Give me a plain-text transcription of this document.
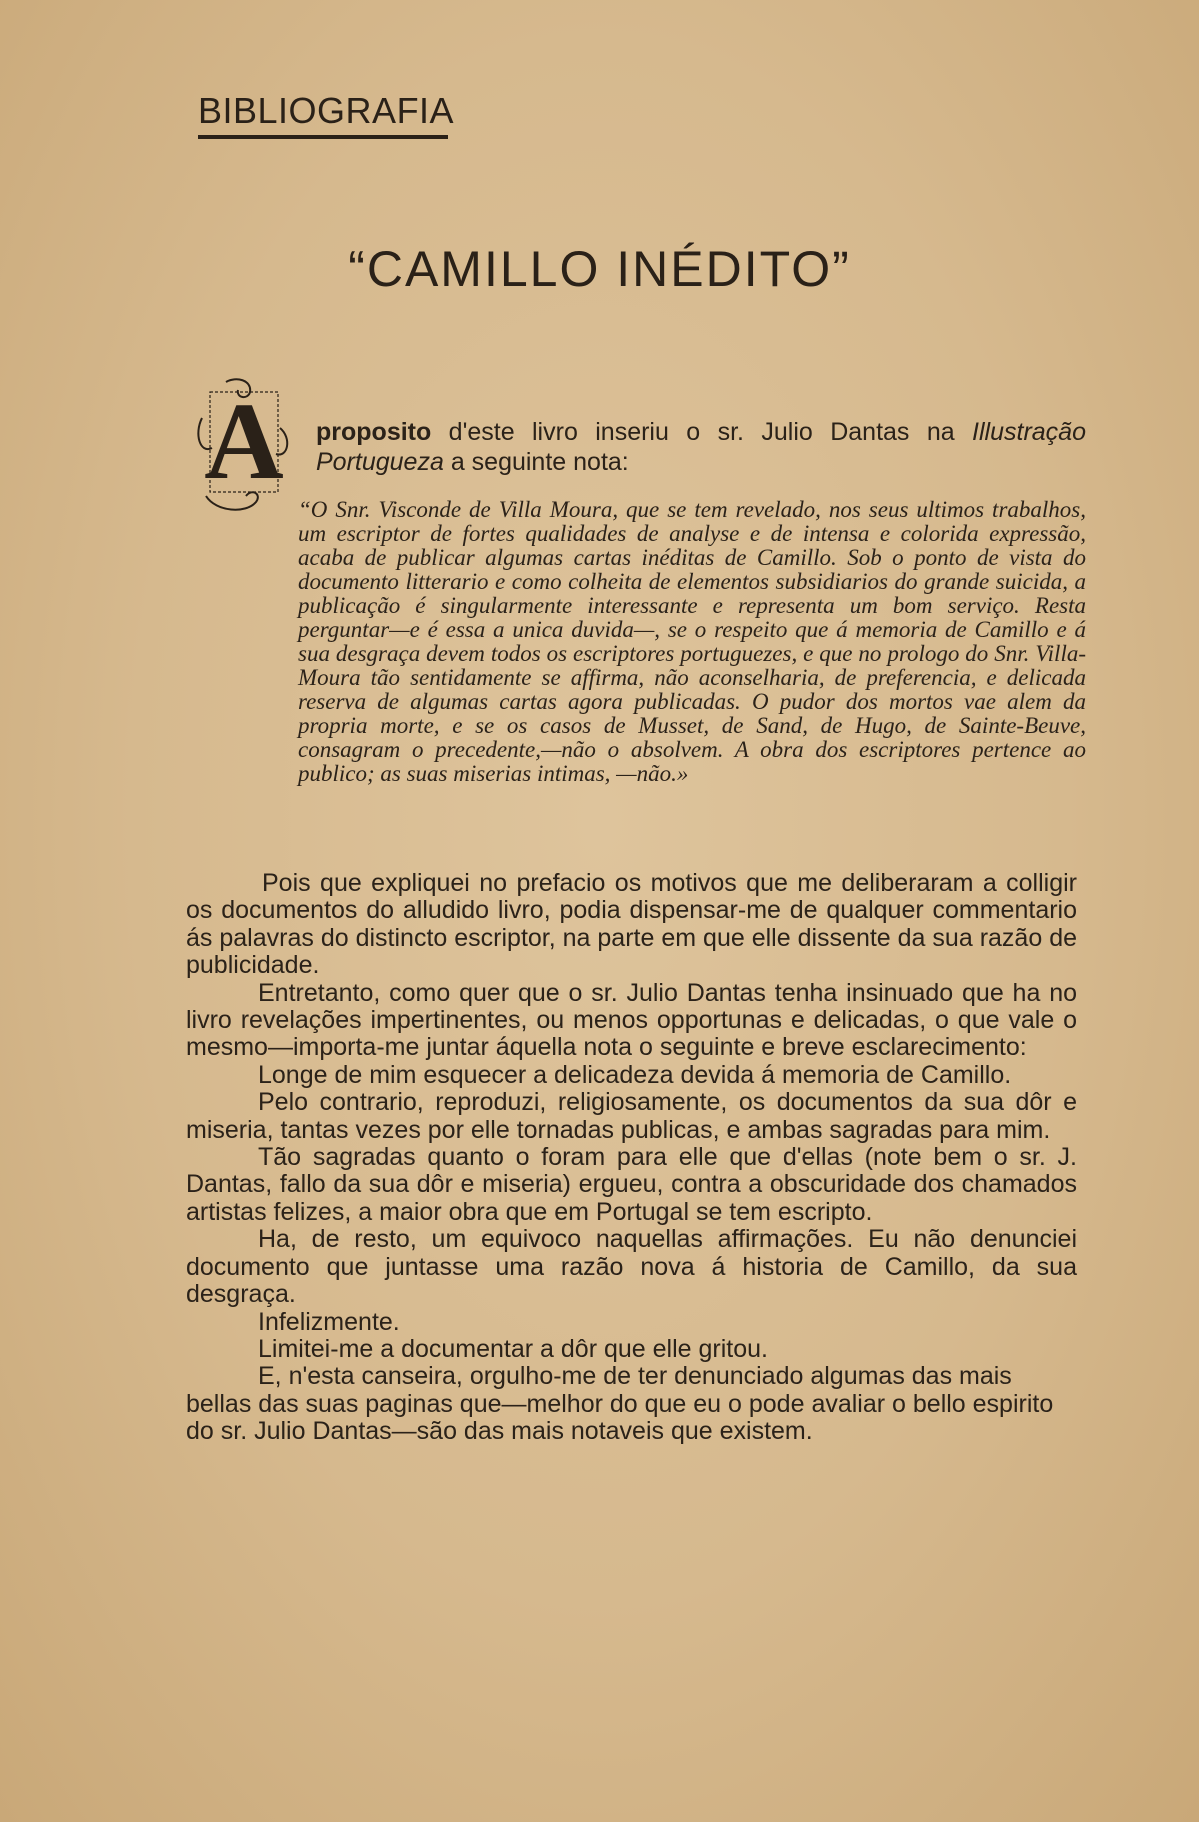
BIBLIOGRAFIA
“CAMILLO INÉDITO”
A proposito d'este livro inseriu o sr. Julio Dantas na Illustração Portugueza a seguinte nota:
“O Snr. Visconde de Villa Moura, que se tem revelado, nos seus ultimos trabalhos, um escriptor de fortes qualidades de analyse e de intensa e colorida expressão, acaba de publicar algumas cartas inéditas de Camillo. Sob o ponto de vista do documento litterario e como colheita de elementos subsidiarios do grande suicida, a publicação é singularmente interessante e representa um bom serviço. Resta perguntar—e é essa a unica duvida—, se o respeito que á memoria de Camillo e á sua desgraça devem todos os escriptores portuguezes, e que no prologo do Snr. Villa-Moura tão sentidamente se affirma, não aconselharia, de preferencia, e delicada reserva de algumas cartas agora publicadas. O pudor dos mortos vae alem da propria morte, e se os casos de Musset, de Sand, de Hugo, de Sainte-Beuve, consagram o precedente,—não o absolvem. A obra dos escriptores pertence ao publico; as suas miserias intimas, —não.»

Pois que expliquei no prefacio os motivos que me deliberaram a colligir os documentos do alludido livro, podia dispensar-me de qualquer commentario ás palavras do distincto escriptor, na parte em que elle dissente da sua razão de publicidade.

Entretanto, como quer que o sr. Julio Dantas tenha insinuado que ha no livro revelações impertinentes, ou menos opportunas e delicadas, o que vale o mesmo—importa-me juntar áquella nota o seguinte e breve esclarecimento:

Longe de mim esquecer a delicadeza devida á memoria de Camillo.

Pelo contrario, reproduzi, religiosamente, os documentos da sua dôr e miseria, tantas vezes por elle tornadas publicas, e ambas sagradas para mim.

Tão sagradas quanto o foram para elle que d'ellas (note bem o sr. J. Dantas, fallo da sua dôr e miseria) ergueu, contra a obscuridade dos chamados artistas felizes, a maior obra que em Portugal se tem escripto.

Ha, de resto, um equivoco naquellas affirmações. Eu não denunciei documento que juntasse uma razão nova á historia de Camillo, da sua desgraça.

Infelizmente.

Limitei-me a documentar a dôr que elle gritou.

E, n'esta canseira, orgulho-me de ter denunciado algumas das mais bellas das suas paginas que—melhor do que eu o pode avaliar o bello espirito do sr. Julio Dantas—são das mais notaveis que existem.
